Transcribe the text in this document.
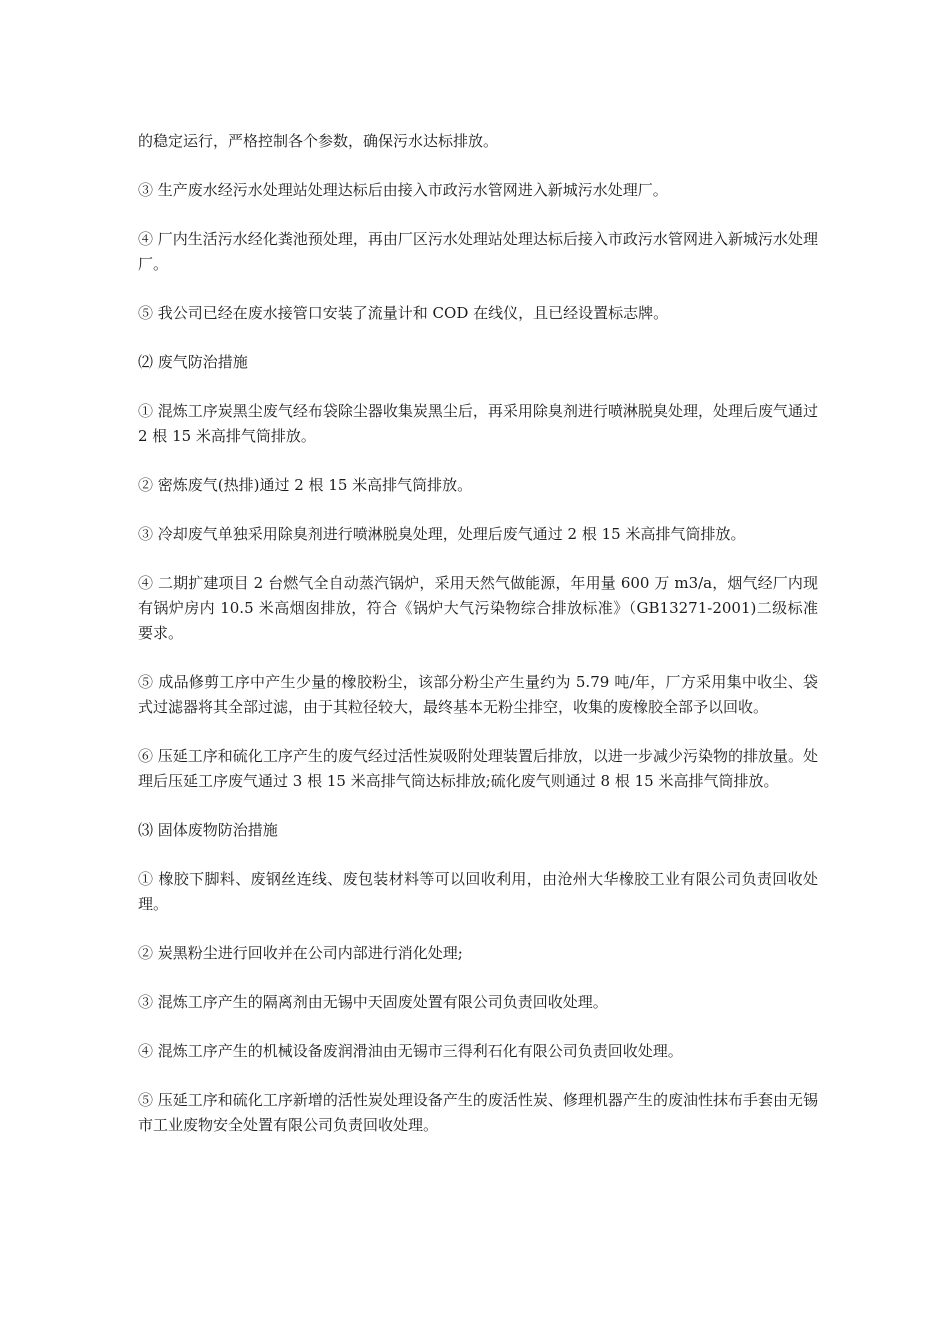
的稳定运行，严格控制各个参数，确保污水达标排放。

③ 生产废水经污水处理站处理达标后由接入市政污水管网进入新城污水处理厂。

④ 厂内生活污水经化粪池预处理，再由厂区污水处理站处理达标后接入市政污水管网进入新城污水处理厂。

⑤ 我公司已经在废水接管口安装了流量计和 COD 在线仪，且已经设置标志牌。

⑵ 废气防治措施

① 混炼工序炭黑尘废气经布袋除尘器收集炭黑尘后，再采用除臭剂进行喷淋脱臭处理，处理后废气通过 2 根 15 米高排气筒排放。

② 密炼废气(热排)通过 2 根 15 米高排气筒排放。

③ 冷却废气单独采用除臭剂进行喷淋脱臭处理，处理后废气通过 2 根 15 米高排气筒排放。

④ 二期扩建项目 2 台燃气全自动蒸汽锅炉，采用天然气做能源，年用量 600 万 m3/a，烟气经厂内现有锅炉房内 10.5 米高烟囱排放，符合《锅炉大气污染物综合排放标准》（GB13271-2001)二级标准要求。

⑤ 成品修剪工序中产生少量的橡胶粉尘，该部分粉尘产生量约为 5.79 吨/年，厂方采用集中收尘、袋式过滤器将其全部过滤，由于其粒径较大，最终基本无粉尘排空，收集的废橡胶全部予以回收。

⑥ 压延工序和硫化工序产生的废气经过活性炭吸附处理装置后排放，以进一步减少污染物的排放量。处理后压延工序废气通过 3 根 15 米高排气筒达标排放;硫化废气则通过 8 根 15 米高排气筒排放。

⑶ 固体废物防治措施

① 橡胶下脚料、废钢丝连线、废包装材料等可以回收利用，由沧州大华橡胶工业有限公司负责回收处理。

② 炭黑粉尘进行回收并在公司内部进行消化处理;

③ 混炼工序产生的隔离剂由无锡中天固废处置有限公司负责回收处理。

④ 混炼工序产生的机械设备废润滑油由无锡市三得利石化有限公司负责回收处理。

⑤ 压延工序和硫化工序新增的活性炭处理设备产生的废活性炭、修理机器产生的废油性抹布手套由无锡市工业废物安全处置有限公司负责回收处理。
